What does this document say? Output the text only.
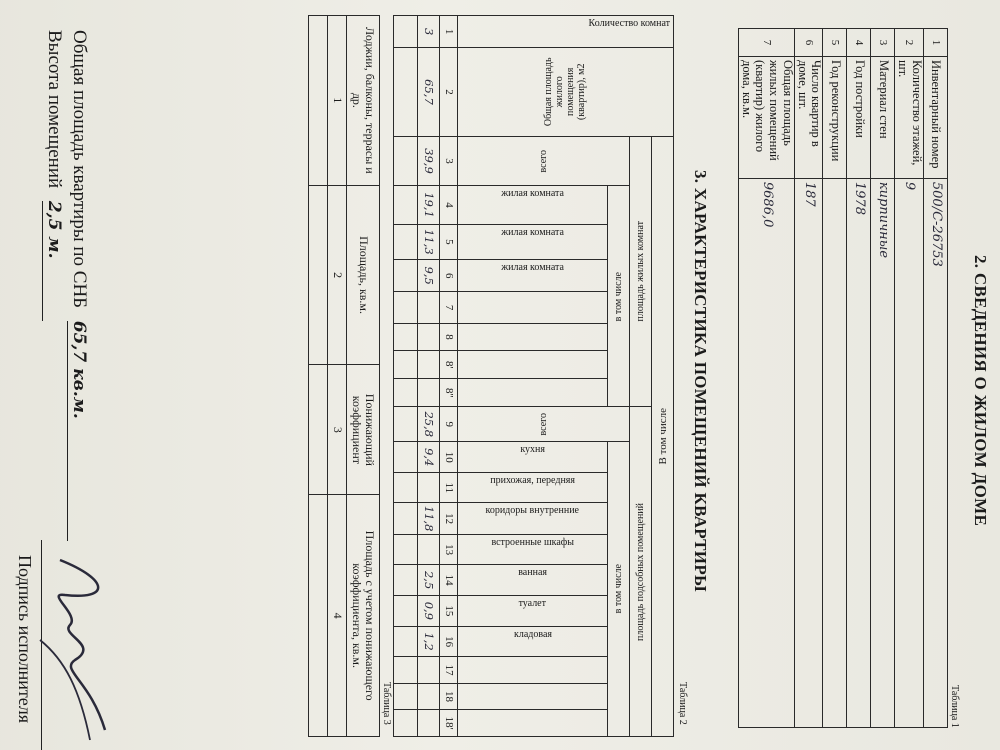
2. СВЕДЕНИЯ О ЖИЛОМ ДОМЕ
Таблица 1
1	Инвентарный номер	500/С-26753
2	Количество этажей, шт.	9
3	Материал стен	кирпичные
4	Год постройки	1978
5	Год реконструкции	
6	Число квартир в доме, шт.	187
7	Общая площадь жилых помещений (квартир) жилого дома, кв.м.	9686,0
3. ХАРАКТЕРИСТИКА ПОМЕЩЕНИЙ КВАРТИРЫ
Таблица 2
Количество комнат	Общая площадь жилого помещения (квартир), м2	В том числе																		
		площадь жилых комнат								площадь подсобных помещений										
		всего	в том числе							всего	в том числе									

			жилая комната	жилая комната	жилая комната						кухня	прихожая, передняя	коридоры внутренние	встроенные шкафы	ванная	туалет	кладовая			

1	2	3	4	5	6	7	8	8'	8''	9	10	11	12	13	14	15	16	17	18	18'
3	65,7	39,9	19,1	11,3	9,5					25,8	9,4		11,8		2,5	0,9	1,2			

Таблица 3
Лоджии, балконы, террасы и др.	Площадь, кв.м.	Понижающий коэффициент	Площадь с учетом понижающего коэффициента, кв.м.
1	2	3	4

Общая площадь квартиры по СНБ 65,7 кв.м.
Высота помещений 2,5 м.
Подпись исполнителя
